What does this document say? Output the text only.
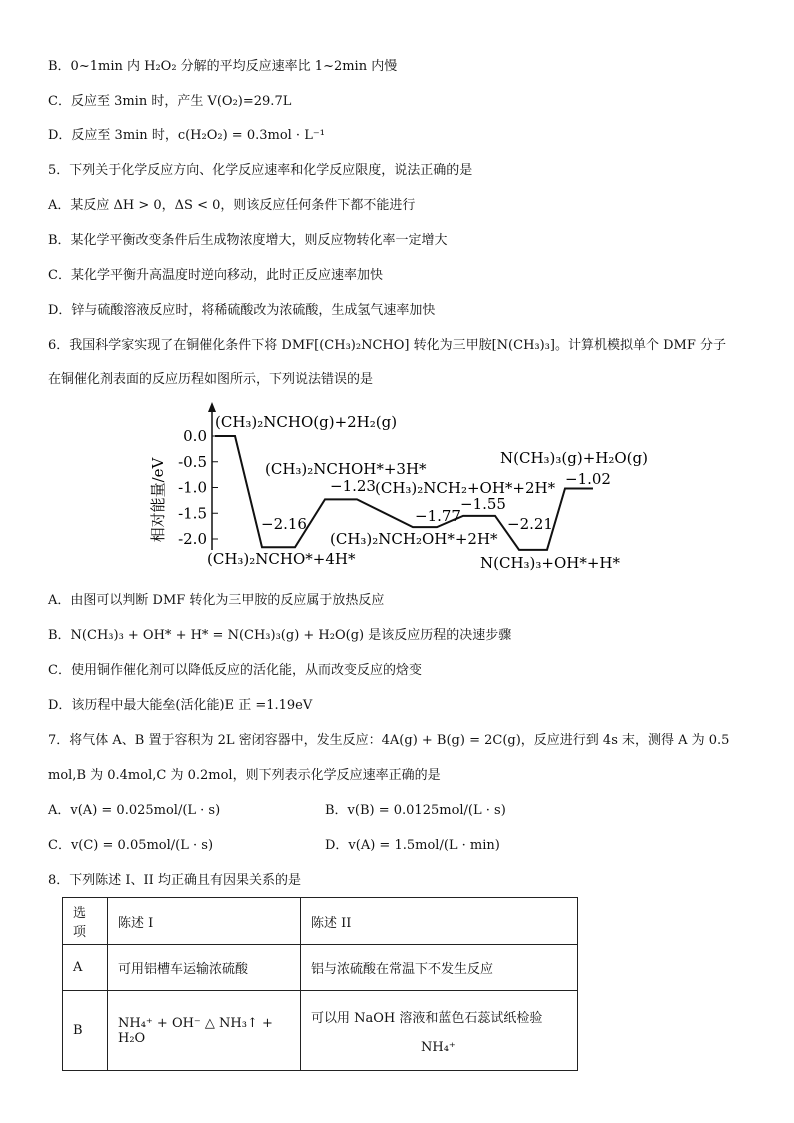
B．0~1min 内 H₂O₂ 分解的平均反应速率比 1~2min 内慢
C．反应至 3min 时，产生 V(O₂)=29.7L
D．反应至 3min 时，c(H₂O₂) = 0.3mol · L⁻¹
5．下列关于化学反应方向、化学反应速率和化学反应限度，说法正确的是
A．某反应 ΔH > 0，ΔS < 0，则该反应任何条件下都不能进行
B．某化学平衡改变条件后生成物浓度增大，则反应物转化率一定增大
C．某化学平衡升高温度时逆向移动，此时正反应速率加快
D．锌与硫酸溶液反应时，将稀硫酸改为浓硫酸，生成氢气速率加快
6．我国科学家实现了在铜催化条件下将 DMF[(CH₃)₂NCHO] 转化为三甲胺[N(CH₃)₃]。计算机模拟单个 DMF 分子
在铜催化剂表面的反应历程如图所示，下列说法错误的是
相对能量/eV
0.0
-0.5
-1.0
-1.5
-2.0
(CH₃)₂NCHO(g)+2H₂(g)
(CH₃)₂NCHO*+4H*
(CH₃)₂NCHOH*+3H*
(CH₃)₂NCH₂OH*+2H*
(CH₃)₂NCH₂+OH*+2H*
N(CH₃)₃+OH*+H*
N(CH₃)₃(g)+H₂O(g)
−2.16
−1.23
−1.77
−1.55
−2.21
−1.02
A．由图可以判断 DMF 转化为三甲胺的反应属于放热反应
B．N(CH₃)₃ + OH* + H* = N(CH₃)₃(g) + H₂O(g) 是该反应历程的决速步骤
C．使用铜作催化剂可以降低反应的活化能，从而改变反应的焓变
D．该历程中最大能垒(活化能)E 正 =1.19eV
7．将气体 A、B 置于容积为 2L 密闭容器中，发生反应：4A(g) + B(g) = 2C(g)，反应进行到 4s 末，测得 A 为 0.5
mol,B 为 0.4mol,C 为 0.2mol，则下列表示化学反应速率正确的是
A．v(A) = 0.025mol/(L · s)	B．v(B) = 0.0125mol/(L · s)
C．v(C) = 0.05mol/(L · s)	D．v(A) = 1.5mol/(L · min)
8．下列陈述 I、II 均正确且有因果关系的是
选项	陈述 I	陈述 II
A	可用铝槽车运输浓硫酸	铝与浓硫酸在常温下不发生反应
B	NH₄⁺ + OH⁻ △ NH₃↑ + H₂O	可以用 NaOH 溶液和蓝色石蕊试纸检验
NH₄⁺
